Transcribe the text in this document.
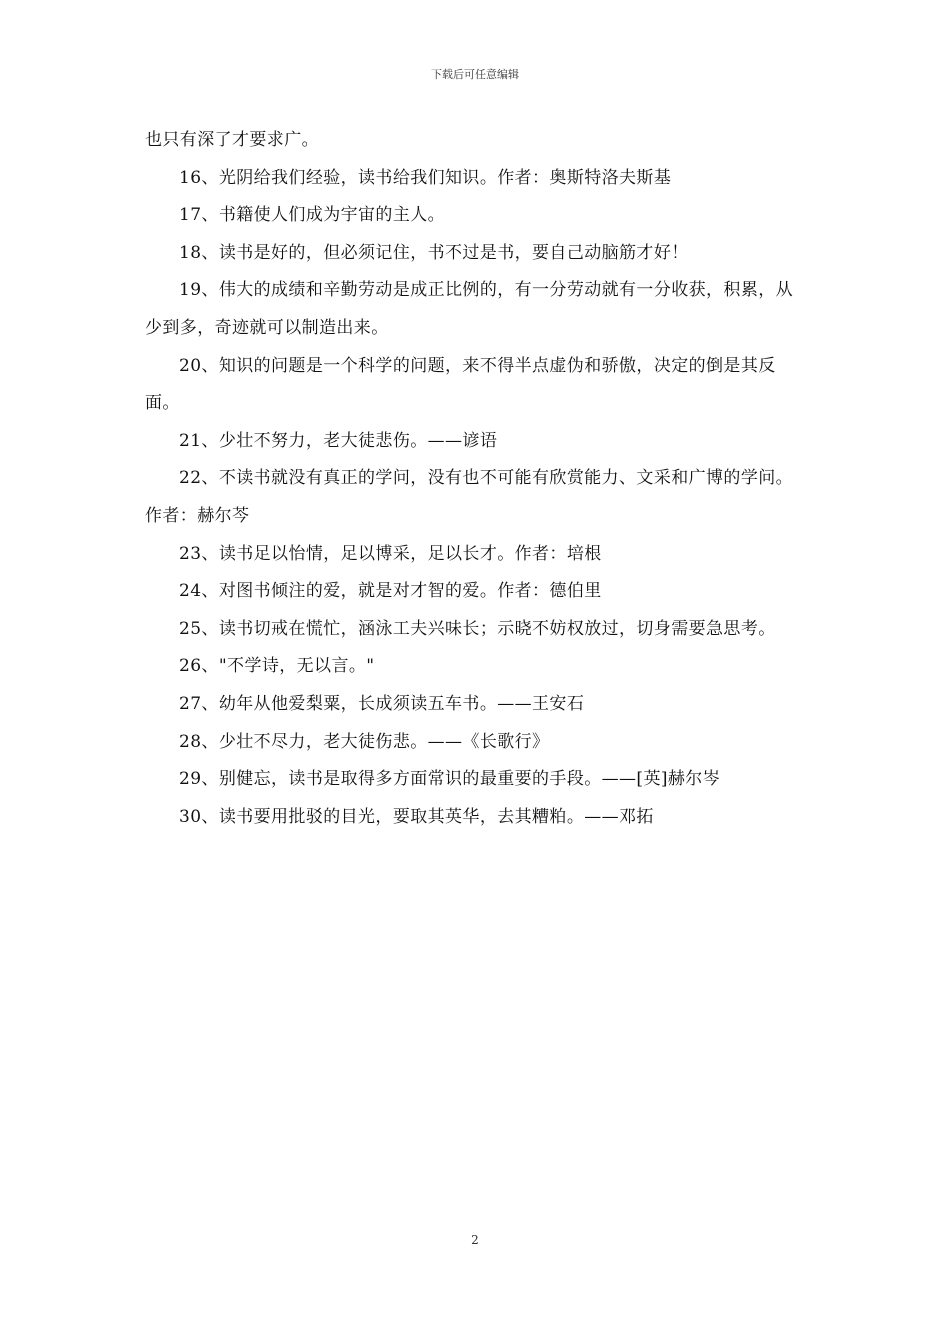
下载后可任意编辑

也只有深了才要求广。

16、光阴给我们经验，读书给我们知识。作者：奥斯特洛夫斯基

17、书籍使人们成为宇宙的主人。

18、读书是好的，但必须记住，书不过是书，要自己动脑筋才好！

19、伟大的成绩和辛勤劳动是成正比例的，有一分劳动就有一分收获，积累，从少到多，奇迹就可以制造出来。

20、知识的问题是一个科学的问题，来不得半点虚伪和骄傲，决定的倒是其反面。

21、少壮不努力，老大徒悲伤。——谚语

22、不读书就没有真正的学问，没有也不可能有欣赏能力、文采和广博的学问。作者：赫尔芩

23、读书足以怡情，足以博采，足以长才。作者：培根

24、对图书倾注的爱，就是对才智的爱。作者：德伯里

25、读书切戒在慌忙，涵泳工夫兴味长；示晓不妨权放过，切身需要急思考。

26、"不学诗，无以言。"

27、幼年从他爱梨粟，长成须读五车书。——王安石

28、少壮不尽力，老大徒伤悲。——《长歌行》

29、别健忘，读书是取得多方面常识的最重要的手段。——[英]赫尔岑

30、读书要用批驳的目光，要取其英华，去其糟粕。——邓拓

2
